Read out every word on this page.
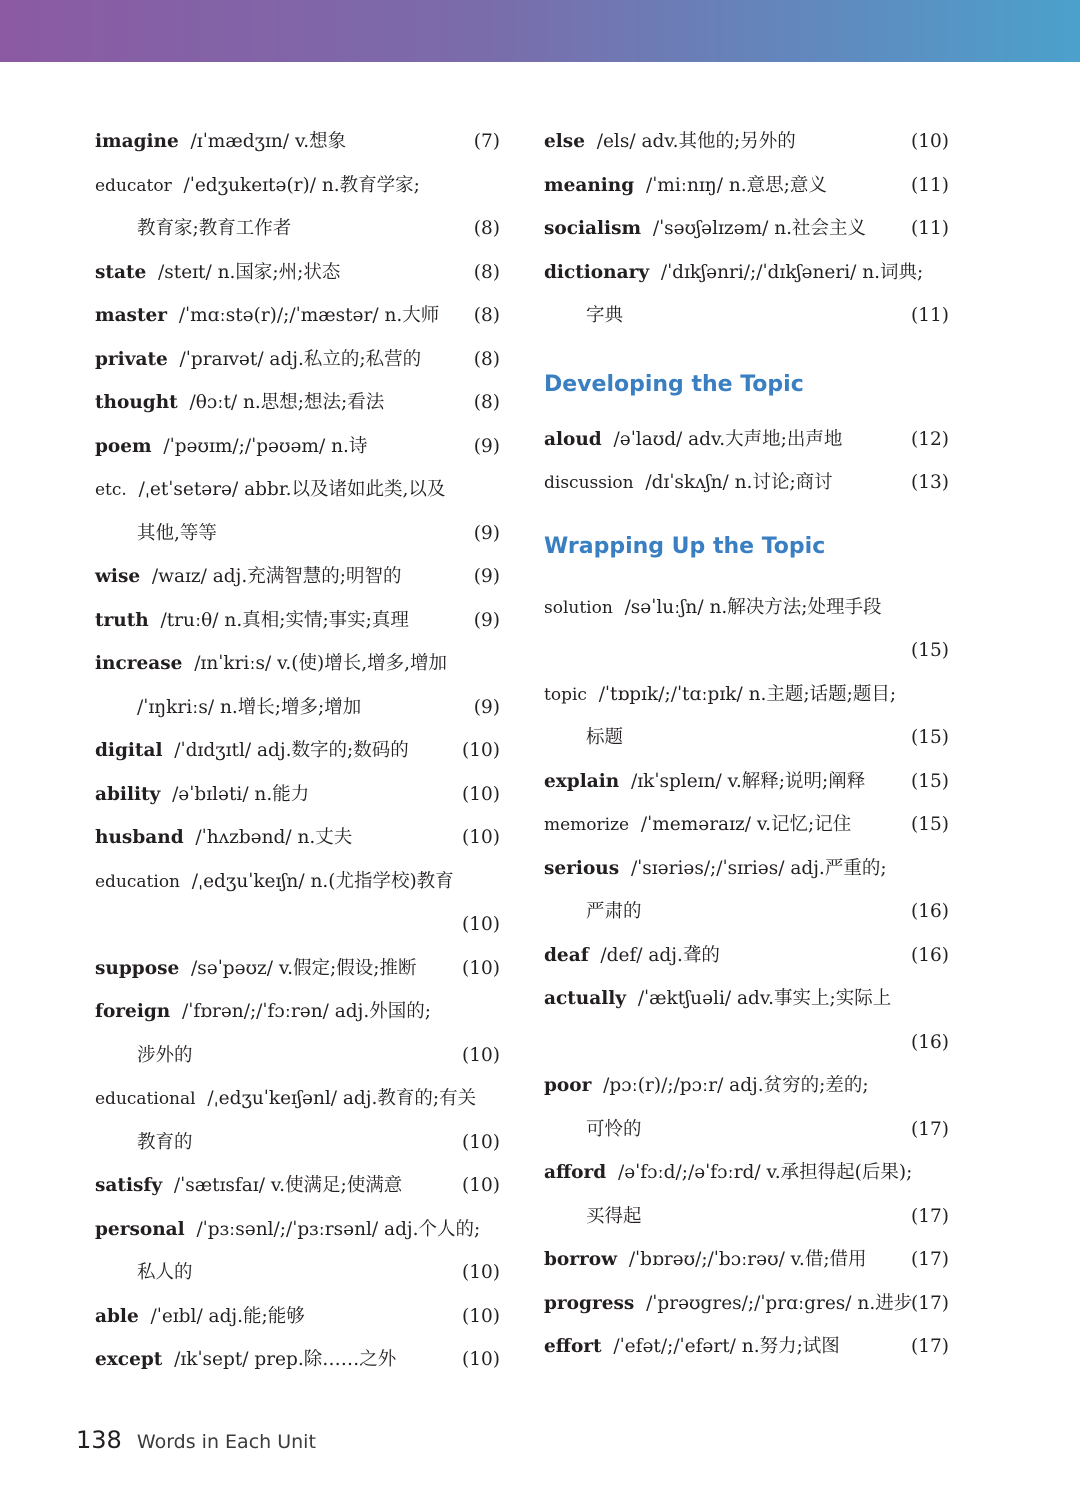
imagine /ɪˈmædʒɪn/ v.想象	(7)
educator /ˈedʒukeɪtə(r)/ n.教育学家;
教育家;教育工作者	(8)
state /steɪt/ n.国家;州;状态	(8)
master /ˈmɑːstə(r)/;/ˈmæstər/ n.大师 (8)
private /ˈpraɪvət/ adj.私立的;私营的	(8)
thought /θɔːt/ n.思想;想法;看法	(8)
poem /ˈpəʊɪm/;/ˈpəʊəm/ n.诗	(9)
etc. /ˌetˈsetərə/ abbr.以及诸如此类,以及
其他,等等	(9)
wise /waɪz/ adj.充满智慧的;明智的	(9)
truth /truːθ/ n.真相;实情;事实;真理	(9)
increase /ɪnˈkriːs/ v.(使)增长,增多,增加
/ˈɪŋkriːs/ n.增长;增多;增加	(9)
digital /ˈdɪdʒɪtl/ adj.数字的;数码的	(10)
ability /əˈbɪləti/ n.能力	(10)
husband /ˈhʌzbənd/ n.丈夫	(10)
education /ˌedʒuˈkeɪʃn/ n.(尤指学校)教育
(10)
suppose /səˈpəʊz/ v.假定;假设;推断 (10)
foreign /ˈfɒrən/;/ˈfɔːrən/ adj.外国的;
涉外的	(10)
educational /ˌedʒuˈkeɪʃənl/ adj.教育的;有关
教育的	(10)
satisfy /ˈsætɪsfaɪ/ v.使满足;使满意	(10)
personal /ˈpɜːsənl/;/ˈpɜːrsənl/ adj.个人的;
私人的	(10)
able /ˈeɪbl/ adj.能;能够	(10)
except /ɪkˈsept/ prep.除……之外	(10)
else /els/ adv.其他的;另外的	(10)
meaning /ˈmiːnɪŋ/ n.意思;意义	(11)
socialism /ˈsəʊʃəlɪzəm/ n.社会主义 (11)
dictionary /ˈdɪkʃənri/;/ˈdɪkʃəneri/ n.词典;
字典	(11)
Developing the Topic
aloud /əˈlaʊd/ adv.大声地;出声地	(12)
discussion /dɪˈskʌʃn/ n.讨论;商讨	(13)
Wrapping Up the Topic
solution /səˈluːʃn/ n.解决方法;处理手段
(15)
topic /ˈtɒpɪk/;/ˈtɑːpɪk/ n.主题;话题;题目;
标题	(15)
explain /ɪkˈspleɪn/ v.解释;说明;阐释 (15)
memorize /ˈmeməraɪz/ v.记忆;记住	(15)
serious /ˈsɪəriəs/;/ˈsɪriəs/ adj.严重的;
严肃的	(16)
deaf /def/ adj.聋的	(16)
actually /ˈæktʃuəli/ adv.事实上;实际上
(16)
poor /pɔː(r)/;/pɔːr/ adj.贫穷的;差的;
可怜的	(17)
afford /əˈfɔːd/;/əˈfɔːrd/ v.承担得起(后果);
买得起	(17)
borrow /ˈbɒrəʊ/;/ˈbɔːrəʊ/ v.借;借用 (17)
progress /ˈprəʊgres/;/ˈprɑːgres/ n.进步
(17)
effort /ˈefət/;/ˈefərt/ n.努力;试图	(17)
138 Words in Each Unit
